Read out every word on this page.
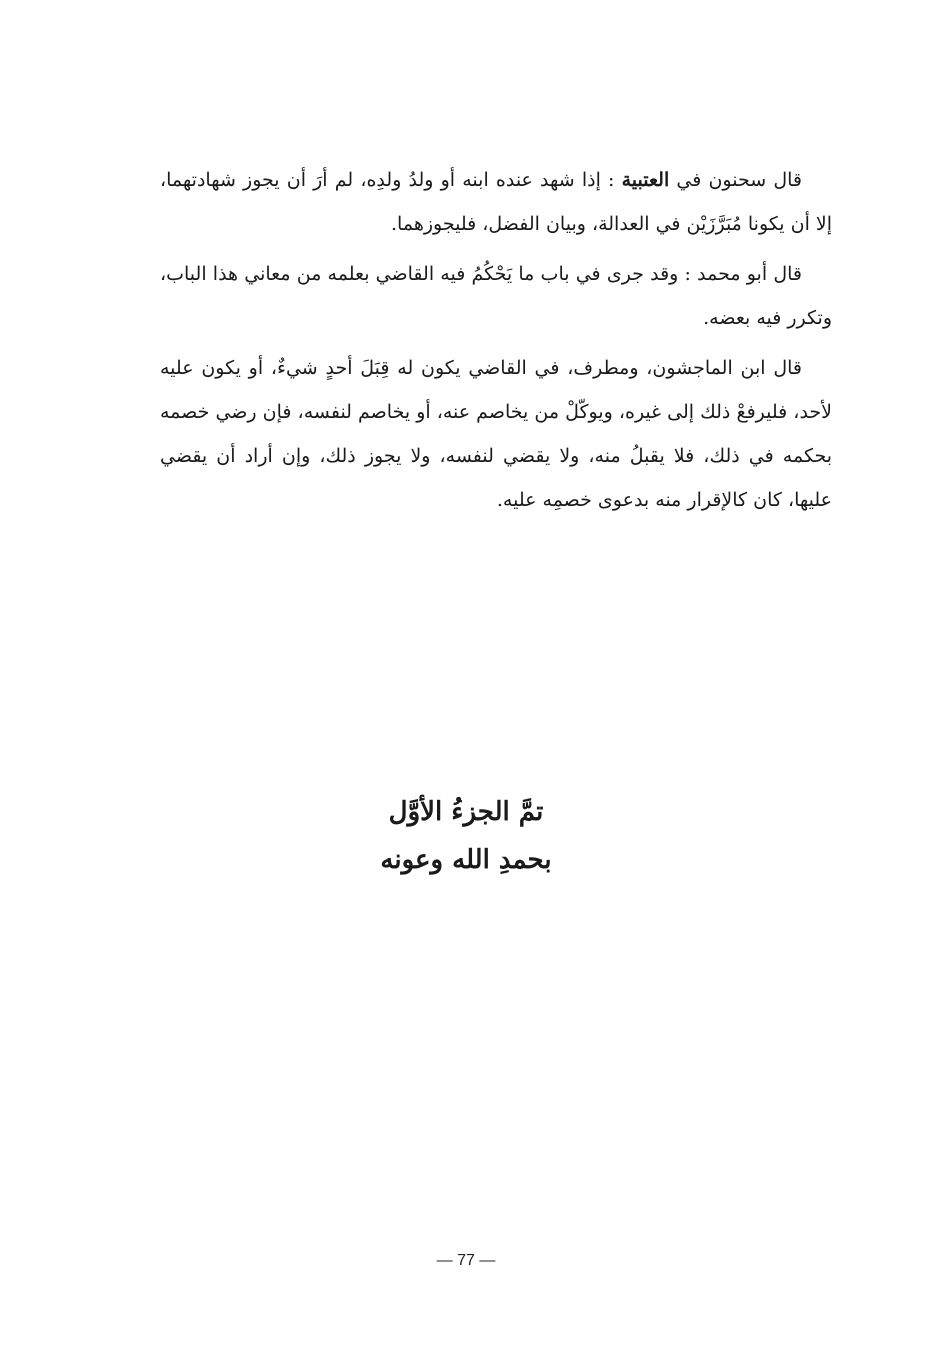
قال سحنون في العتبية : إذا شهد عنده ابنه أو ولدُ ولدِه، لم أرَ أن يجوز شهادتهما، إلا أن يكونا مُبَرَّزَيْن في العدالة، وبيان الفضل، فليجوزهما.

قال أبو محمد : وقد جرى في باب ما يَحْكُمُ فيه القاضي بعلمه من معاني هذا الباب، وتكرر فيه بعضه.

قال ابن الماجشون، ومطرف، في القاضي يكون له قِبَلَ أحدٍ شيءٌ، أو يكون عليه لأحد، فليرفعْ ذلك إلى غيره، ويوكّلْ من يخاصم عنه، أو يخاصم لنفسه، فإن رضي خصمه بحكمه في ذلك، فلا يقبلُ منه، ولا يقضي لنفسه، ولا يجوز ذلك، وإن أراد أن يقضي عليها، كان كالإقرار منه بدعوى خصمِه عليه.

تمَّ الجزءُ الأوَّل
بحمدِ الله وعونه
— 77 —
